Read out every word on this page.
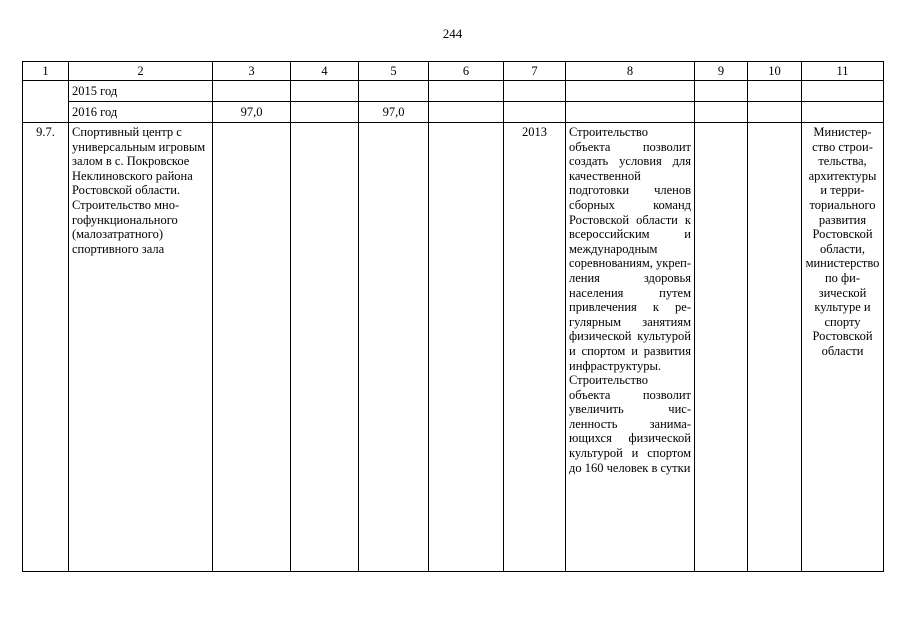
244
1	2	3	4	5	6	7	8	9	10	11
	2015 год									
	2016 год	97,0		97,0						
9.7.	Спортивный центр с универсальным игровым залом в с. Покровское Неклиновского района Ростовской области. Строительство многофункционального (малозатратного) спортивного зала					2013	Строительство объекта позволит создать условия для качественной подготовки членов сборных команд Ростовской области к всероссийским и международным соревнованиям, укрепления здоровья населения путем привлечения к регулярным занятиям физической культурой и спортом и развития инфраструктуры. Строительство объекта позволит увеличить численность занимающихся физической культурой и спортом до 160 человек в сутки			Министерство строительства, архитектуры и территориального развития Ростовской области, министерство по физической культуре и спорту Ростовской области
